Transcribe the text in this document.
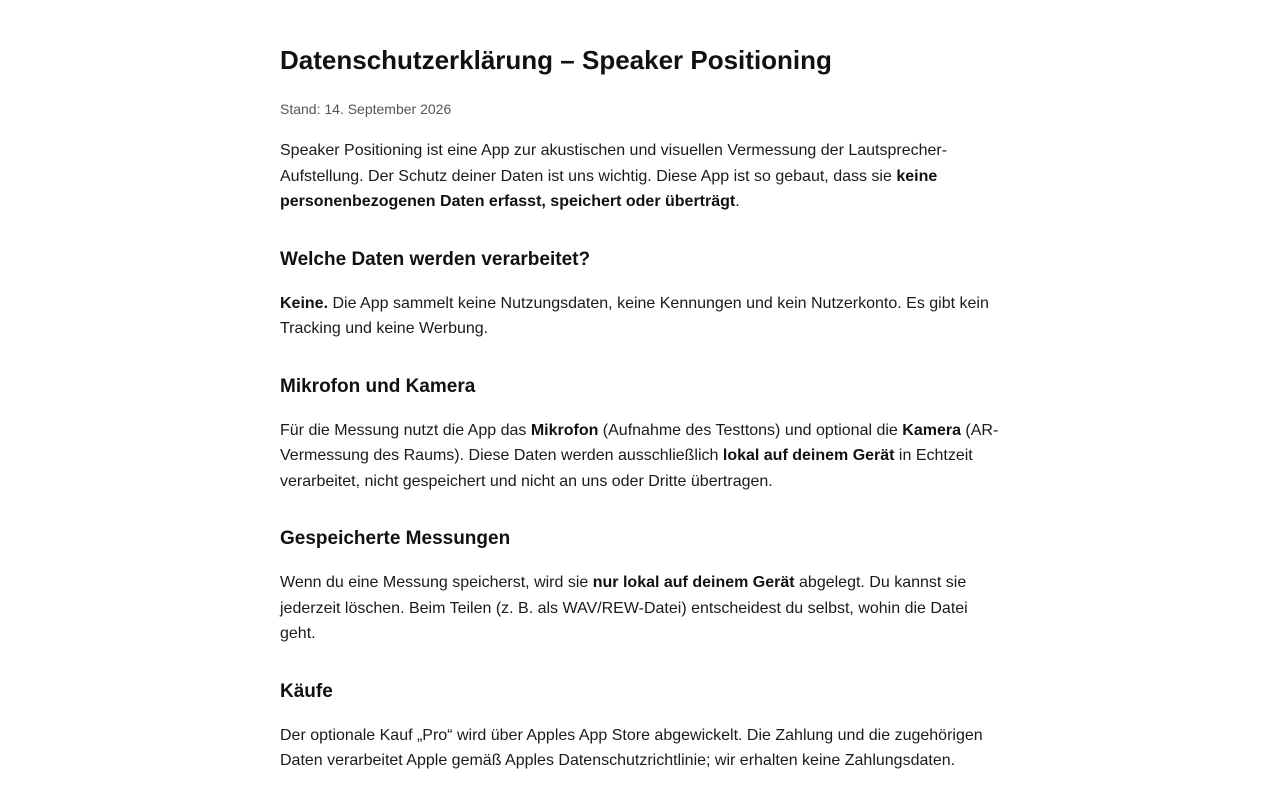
Datenschutzerklärung – Speaker Positioning
Stand: 14. September 2026

Speaker Positioning ist eine App zur akustischen und visuellen Vermessung der Lautsprecher-Aufstellung. Der Schutz deiner Daten ist uns wichtig. Diese App ist so gebaut, dass sie keine personenbezogenen Daten erfasst, speichert oder überträgt.

Welche Daten werden verarbeitet?

Keine. Die App sammelt keine Nutzungsdaten, keine Kennungen und kein Nutzerkonto. Es gibt kein Tracking und keine Werbung.

Mikrofon und Kamera

Für die Messung nutzt die App das Mikrofon (Aufnahme des Testtons) und optional die Kamera (AR-Vermessung des Raums). Diese Daten werden ausschließlich lokal auf deinem Gerät in Echtzeit verarbeitet, nicht gespeichert und nicht an uns oder Dritte übertragen.

Gespeicherte Messungen

Wenn du eine Messung speicherst, wird sie nur lokal auf deinem Gerät abgelegt. Du kannst sie jederzeit löschen. Beim Teilen (z. B. als WAV/REW-Datei) entscheidest du selbst, wohin die Datei geht.

Käufe

Der optionale Kauf „Pro“ wird über Apples App Store abgewickelt. Die Zahlung und die zugehörigen Daten verarbeitet Apple gemäß Apples Datenschutzrichtlinie; wir erhalten keine Zahlungsdaten.
